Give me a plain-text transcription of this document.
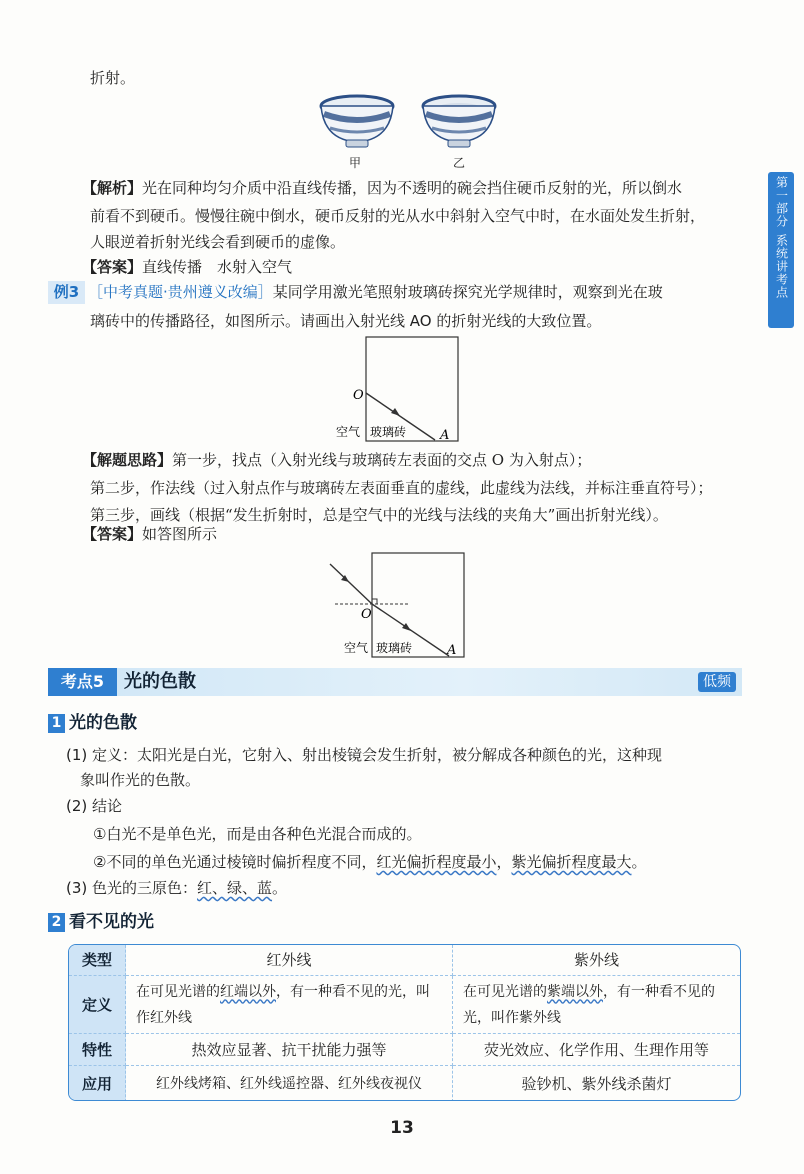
折射。
甲	乙
第一部分
系统讲考点
【解析】光在同种均匀介质中沿直线传播，因为不透明的碗会挡住硬币反射的光，所以倒水
前看不到硬币。慢慢往碗中倒水，硬币反射的光从水中斜射入空气中时，在水面处发生折射，
人眼逆着折射光线会看到硬币的虚像。
【答案】直线传播　水射入空气
例3 ［中考真题·贵州遵义改编］某同学用激光笔照射玻璃砖探究光学规律时，观察到光在玻
璃砖中的传播路径，如图所示。请画出入射光线 AO 的折射光线的大致位置。
O
A
空气 玻璃砖
【解题思路】第一步，找点（入射光线与玻璃砖左表面的交点 O 为入射点）；
第二步，作法线（过入射点作与玻璃砖左表面垂直的虚线，此虚线为法线，并标注垂直符号）；
第三步，画线（根据“发生折射时，总是空气中的光线与法线的夹角大”画出折射光线）。
【答案】如答图所示
O
A
空气 玻璃砖
考点5	光的色散	低频
1 光的色散
(1) 定义：太阳光是白光，它射入、射出棱镜会发生折射，被分解成各种颜色的光，这种现
象叫作光的色散。
(2) 结论
①白光不是单色光，而是由各种色光混合而成的。
②不同的单色光通过棱镜时偏折程度不同，红光偏折程度最小，紫光偏折程度最大。
(3) 色光的三原色：红、绿、蓝。
2 看不见的光
类型	红外线	紫外线
定义	在可见光谱的红端以外，有一种看不见的光，叫作红外线	在可见光谱的紫端以外，有一种看不见的光，叫作紫外线
特性	热效应显著、抗干扰能力强等	荧光效应、化学作用、生理作用等
应用	红外线烤箱、红外线遥控器、红外线夜视仪	验钞机、紫外线杀菌灯
13
